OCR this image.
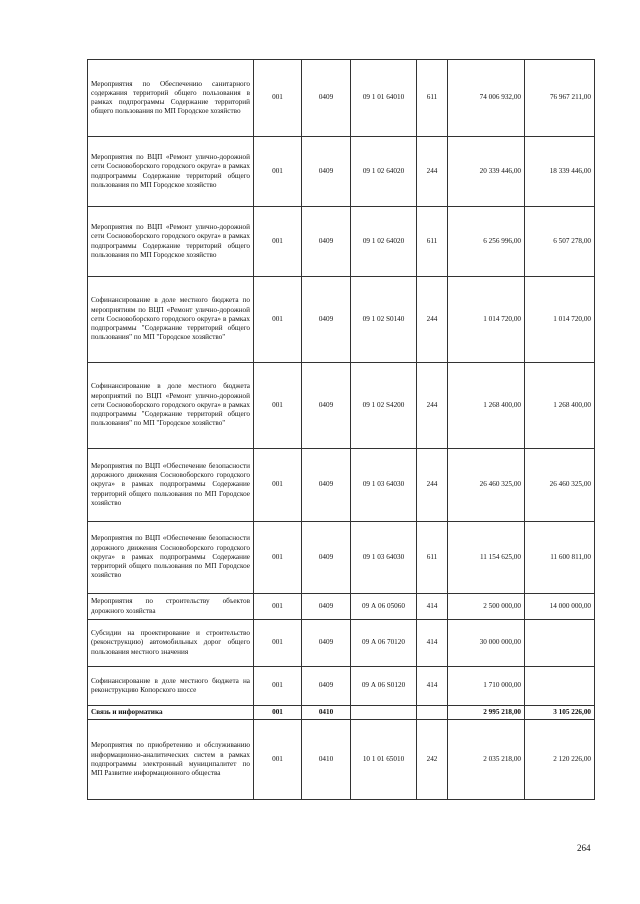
Мероприятия по Обеспечению санитарного содержания территорий общего пользования в рамках подпрограммы Содержание территорий общего пользования по МП Городское хозяйство	001	0409	09 1 01 64010	611	74 006 932,00	76 967 211,00
Мероприятия по ВЦП «Ремонт улично-дорожной сети Сосновоборского городского округа» в рамках подпрограммы Содержание территорий общего пользования по МП Городское хозяйство	001	0409	09 1 02 64020	244	20 339 446,00	18 339 446,00
Мероприятия по ВЦП «Ремонт улично-дорожной сети Сосновоборского городского округа» в рамках подпрограммы Содержание территорий общего пользования по МП Городское хозяйство	001	0409	09 1 02 64020	611	6 256 996,00	6 507 278,00
Софинансирование в доле местного бюджета по мероприятиям по ВЦП «Ремонт улично-дорожной сети Сосновоборского городского округа» в рамках подпрограммы "Содержание территорий общего пользования" по МП "Городское хозяйство"	001	0409	09 1 02 S0140	244	1 014 720,00	1 014 720,00
Софинансирование в доле местного бюджета мероприятий по ВЦП «Ремонт улично-дорожной сети Сосновоборского городского округа» в рамках подпрограммы "Содержание территорий общего пользования" по МП "Городское хозяйство"	001	0409	09 1 02 S4200	244	1 268 400,00	1 268 400,00
Мероприятия по ВЦП «Обеспечение безопасности дорожного движения Сосновоборского городского округа» в рамках подпрограммы Содержание территорий общего пользования по МП Городское хозяйство	001	0409	09 1 03 64030	244	26 460 325,00	26 460 325,00
Мероприятия по ВЦП «Обеспечение безопасности дорожного движения Сосновоборского городского округа» в рамках подпрограммы Содержание территорий общего пользования по МП Городское хозяйство	001	0409	09 1 03 64030	611	11 154 625,00	11 600 811,00
Мероприятия по строительству объектов дорожного хозяйства	001	0409	09 А 06 05060	414	2 500 000,00	14 000 000,00
Субсидии на проектирование и строительство (реконструкцию) автомобильных дорог общего пользования местного значения	001	0409	09 А 06 70120	414	30 000 000,00	
Софинансирование в доле местного бюджета на реконструкцию Копорского шоссе	001	0409	09 А 06 S0120	414	1 710 000,00	
Связь и информатика	001	0410			2 995 218,00	3 105 226,00
Мероприятия по приобретению и обслуживанию информационно-аналитических систем в рамках подпрограммы электронный муниципалитет по МП Развитие информационного общества	001	0410	10 1 01 65010	242	2 035 218,00	2 120 226,00
264
